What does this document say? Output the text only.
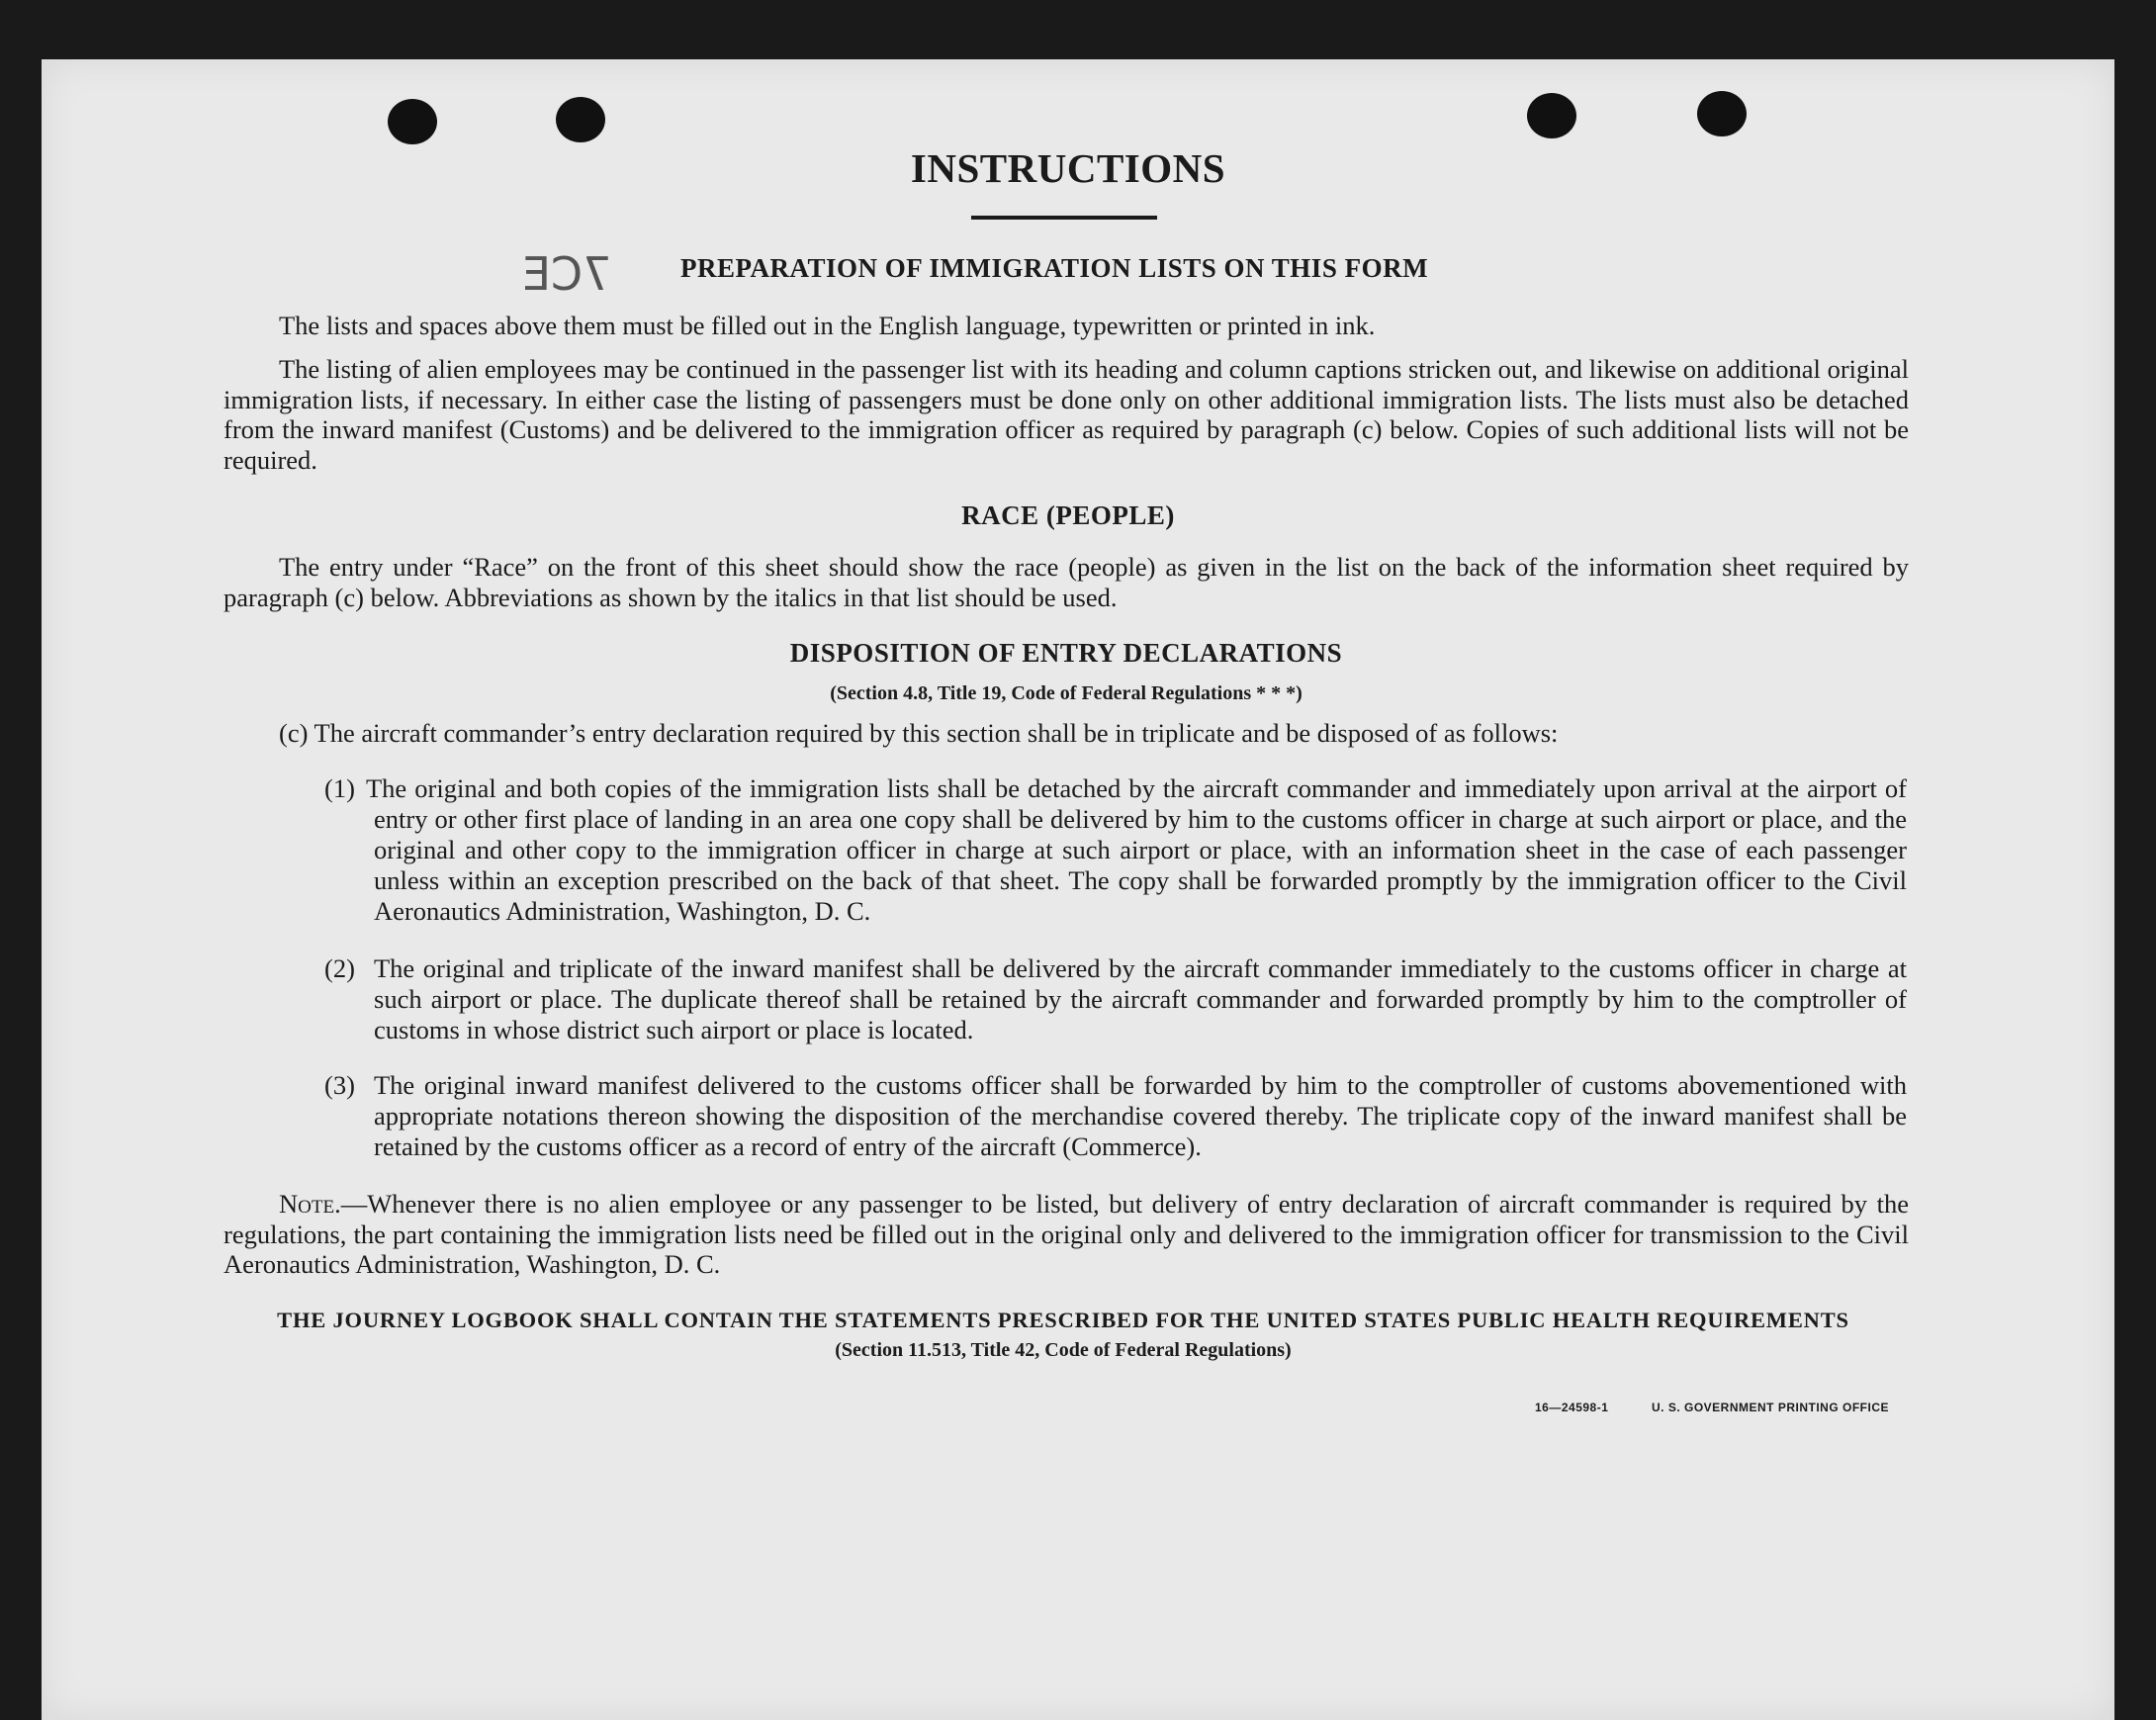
INSTRUCTIONS
7CE	PREPARATION OF IMMIGRATION LISTS ON THIS FORM
The lists and spaces above them must be filled out in the English language, typewritten or printed in ink.
The listing of alien employees may be continued in the passenger list with its heading and column captions stricken out, and likewise on additional original immigration lists, if necessary. In either case the listing of passengers must be done only on other additional immigration lists. The lists must also be detached from the inward manifest (Customs) and be delivered to the immigration officer as required by paragraph (c) below. Copies of such additional lists will not be required.
RACE (PEOPLE)
The entry under “Race” on the front of this sheet should show the race (people) as given in the list on the back of the information sheet required by paragraph (c) below. Abbreviations as shown by the italics in that list should be used.
DISPOSITION OF ENTRY DECLARATIONS
(Section 4.8, Title 19, Code of Federal Regulations * * *)
(c) The aircraft commander’s entry declaration required by this section shall be in triplicate and be disposed of as follows:
(1) The original and both copies of the immigration lists shall be detached by the aircraft commander and immediately upon arrival at the airport of entry or other first place of landing in an area one copy shall be delivered by him to the customs officer in charge at such airport or place, and the original and other copy to the immigration officer in charge at such airport or place, with an information sheet in the case of each passenger unless within an exception prescribed on the back of that sheet. The copy shall be forwarded promptly by the immigration officer to the Civil Aeronautics Administration, Washington, D. C.
(2) The original and triplicate of the inward manifest shall be delivered by the aircraft commander immediately to the customs officer in charge at such airport or place. The duplicate thereof shall be retained by the aircraft commander and forwarded promptly by him to the comptroller of customs in whose district such airport or place is located.
(3) The original inward manifest delivered to the customs officer shall be forwarded by him to the comptroller of customs abovementioned with appropriate notations thereon showing the disposition of the merchandise covered thereby. The triplicate copy of the inward manifest shall be retained by the customs officer as a record of entry of the aircraft (Commerce).
Note.—Whenever there is no alien employee or any passenger to be listed, but delivery of entry declaration of aircraft commander is required by the regulations, the part containing the immigration lists need be filled out in the original only and delivered to the immigration officer for transmission to the Civil Aeronautics Administration, Washington, D. C.
THE JOURNEY LOGBOOK SHALL CONTAIN THE STATEMENTS PRESCRIBED FOR THE UNITED STATES PUBLIC HEALTH REQUIREMENTS
(Section 11.513, Title 42, Code of Federal Regulations)
16—24598-1	U. S. GOVERNMENT PRINTING OFFICE
